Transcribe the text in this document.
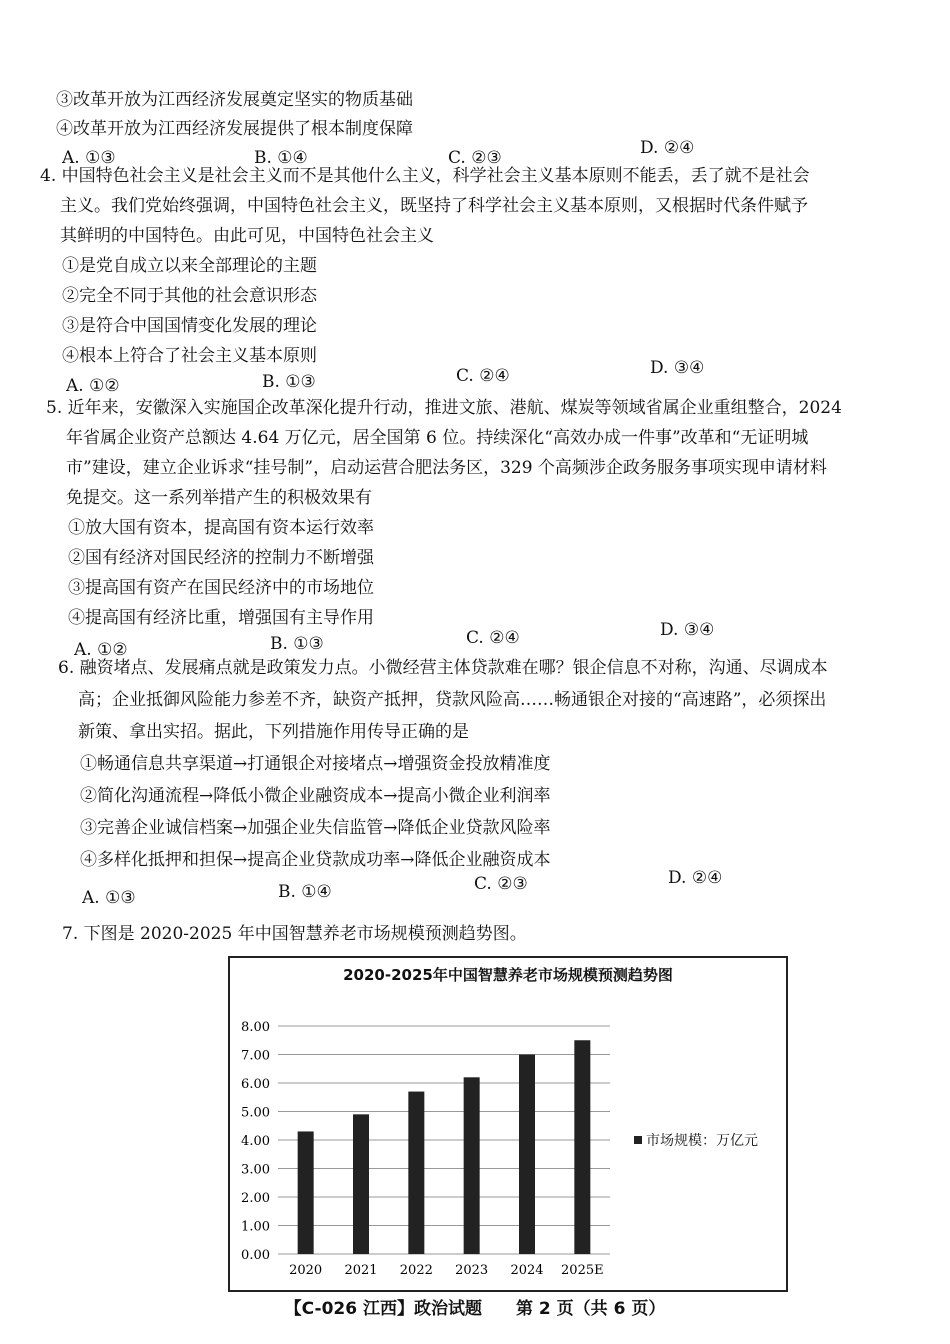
③改革开放为江西经济发展奠定坚实的物质基础
④改革开放为江西经济发展提供了根本制度保障
A. ①③	B. ①④	C. ②③	D. ②④
4. 中国特色社会主义是社会主义而不是其他什么主义，科学社会主义基本原则不能丢，丢了就不是社会
主义。我们党始终强调，中国特色社会主义，既坚持了科学社会主义基本原则，又根据时代条件赋予
其鲜明的中国特色。由此可见，中国特色社会主义
①是党自成立以来全部理论的主题
②完全不同于其他的社会意识形态
③是符合中国国情变化发展的理论
④根本上符合了社会主义基本原则
A. ①②	B. ①③	C. ②④	D. ③④
5. 近年来，安徽深入实施国企改革深化提升行动，推进文旅、港航、煤炭等领域省属企业重组整合，2024
年省属企业资产总额达 4.64 万亿元，居全国第 6 位。持续深化“高效办成一件事”改革和“无证明城
市”建设，建立企业诉求“挂号制”，启动运营合肥法务区，329 个高频涉企政务服务事项实现申请材料
免提交。这一系列举措产生的积极效果有
①放大国有资本，提高国有资本运行效率
②国有经济对国民经济的控制力不断增强
③提高国有资产在国民经济中的市场地位
④提高国有经济比重，增强国有主导作用
A. ①②	B. ①③	C. ②④	D. ③④
6. 融资堵点、发展痛点就是政策发力点。小微经营主体贷款难在哪？银企信息不对称，沟通、尽调成本
高；企业抵御风险能力参差不齐，缺资产抵押，贷款风险高……畅通银企对接的“高速路”，必须探出
新策、拿出实招。据此，下列措施作用传导正确的是
①畅通信息共享渠道→打通银企对接堵点→增强资金投放精准度
②简化沟通流程→降低小微企业融资成本→提高小微企业利润率
③完善企业诚信档案→加强企业失信监管→降低企业贷款风险率
④多样化抵押和担保→提高企业贷款成功率→降低企业融资成本
A. ①③	B. ①④	C. ②③	D. ②④
7. 下图是 2020-2025 年中国智慧养老市场规模预测趋势图。
2020-2025年中国智慧养老市场规模预测趋势图
0.00
1.00
2.00
3.00
4.00
5.00
6.00
7.00
8.00
2020 2021 2022 2023 2024 2025E
市场规模：万亿元
【C-026 江西】政治试题　　第 2 页（共 6 页）
